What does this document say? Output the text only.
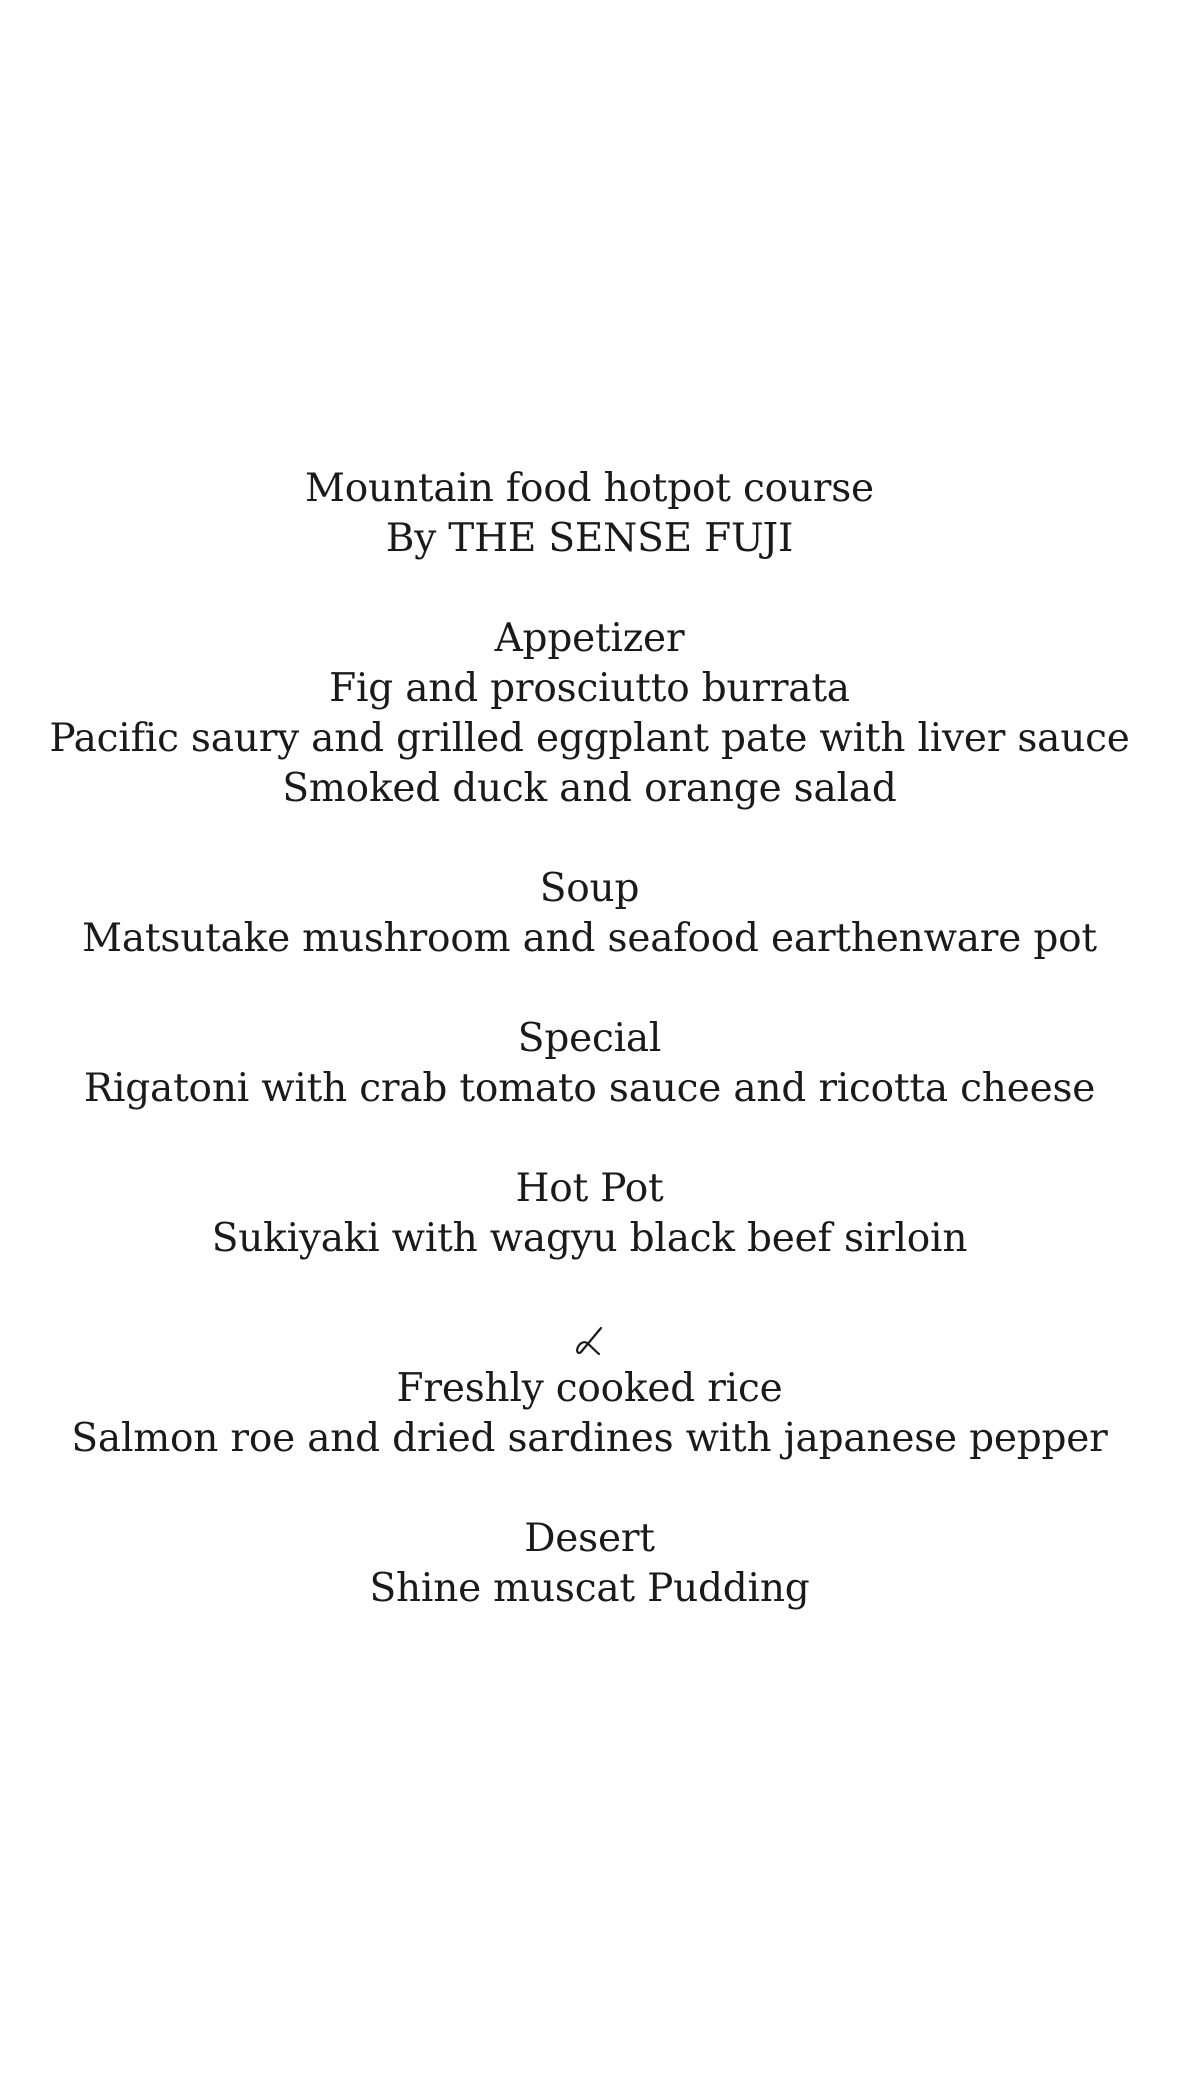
Mountain food hotpot course
By THE SENSE FUJI
Appetizer
Fig and prosciutto burrata
Pacific saury and grilled eggplant pate with liver sauce
Smoked duck and orange salad
Soup
Matsutake mushroom and seafood earthenware pot
Special
Rigatoni with crab tomato sauce and ricotta cheese
Hot Pot
Sukiyaki with wagyu black beef sirloin
Freshly cooked rice
Salmon roe and dried sardines with japanese pepper
Desert
Shine muscat Pudding
